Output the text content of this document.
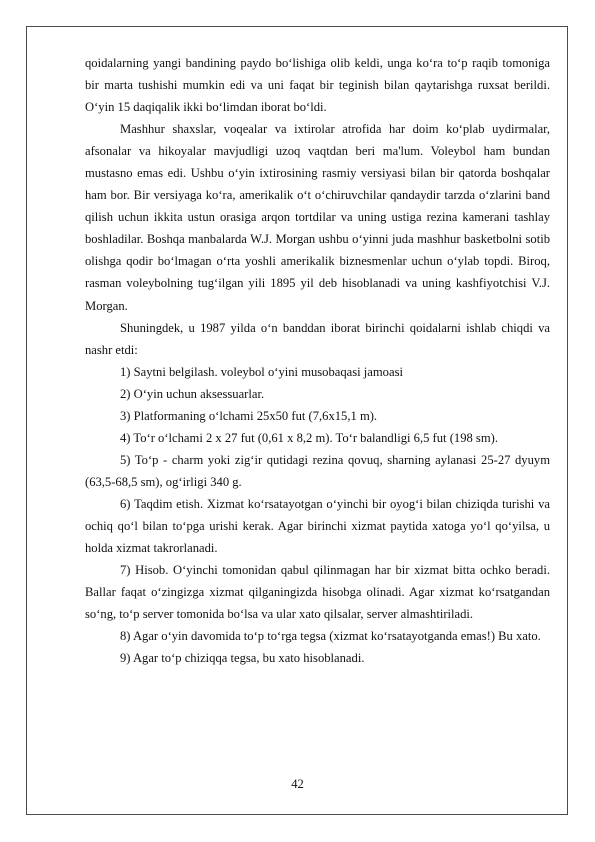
qoidalarning yangi bandining paydo bo‘lishiga olib keldi, unga ko‘ra to‘p raqib tomoniga bir marta tushishi mumkin edi va uni faqat bir teginish bilan qaytarishga ruxsat berildi. O‘yin 15 daqiqalik ikki bo‘limdan iborat bo‘ldi.

Mashhur shaxslar, voqealar va ixtirolar atrofida har doim ko‘plab uydirmalar, afsonalar va hikoyalar mavjudligi uzoq vaqtdan beri ma'lum. Voleybol ham bundan mustasno emas edi. Ushbu o‘yin ixtirosining rasmiy versiyasi bilan bir qatorda boshqalar ham bor. Bir versiyaga ko‘ra, amerikalik o‘t o‘chiruvchilar qandaydir tarzda o‘zlarini band qilish uchun ikkita ustun orasiga arqon tortdilar va uning ustiga rezina kamerani tashlay boshladilar. Boshqa manbalarda W.J. Morgan ushbu o‘yinni juda mashhur basketbolni sotib olishga qodir bo‘lmagan o‘rta yoshli amerikalik biznesmenlar uchun o‘ylab topdi. Biroq, rasman voleybolning tug‘ilgan yili 1895 yil deb hisoblanadi va uning kashfiyotchisi V.J. Morgan.

Shuningdek, u 1987 yilda o‘n banddan iborat birinchi qoidalarni ishlab chiqdi va nashr etdi:

1) Saytni belgilash. voleybol o‘yini musobaqasi jamoasi

2) O‘yin uchun aksessuarlar.

3) Platformaning o‘lchami 25x50 fut (7,6x15,1 m).

4) To‘r o‘lchami 2 x 27 fut (0,61 x 8,2 m). To‘r balandligi 6,5 fut (198 sm).

5) To‘p - charm yoki zig‘ir qutidagi rezina qovuq, sharning aylanasi 25-27 dyuym (63,5-68,5 sm), og‘irligi 340 g.

6) Taqdim etish. Xizmat ko‘rsatayotgan o‘yinchi bir oyog‘i bilan chiziqda turishi va ochiq qo‘l bilan to‘pga urishi kerak. Agar birinchi xizmat paytida xatoga yo‘l qo‘yilsa, u holda xizmat takrorlanadi.

7) Hisob. O‘yinchi tomonidan qabul qilinmagan har bir xizmat bitta ochko beradi. Ballar faqat o‘zingizga xizmat qilganingizda hisobga olinadi. Agar xizmat ko‘rsatgandan so‘ng, to‘p server tomonida bo‘lsa va ular xato qilsalar, server almashtiriladi.

8) Agar o‘yin davomida to‘p to‘rga tegsa (xizmat ko‘rsatayotganda emas!) Bu xato.

9) Agar to‘p chiziqqa tegsa, bu xato hisoblanadi.

42
